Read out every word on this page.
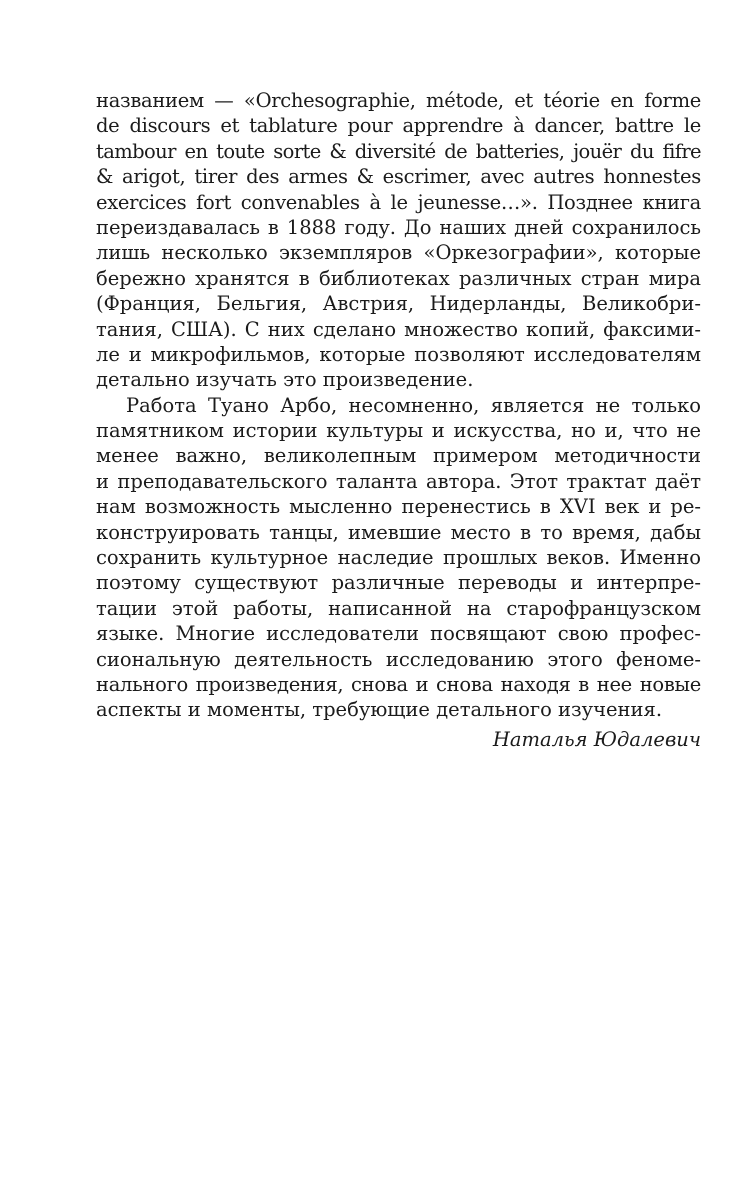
названием — «Orchesographie, métode, et téorie en forme
de discours et tablature pour apprendre à dancer, battre le
tambour en toute sorte & diversité de batteries, jouër du fifre
& arigot, tirer des armes & escrimer, avec autres honnestes
exercices fort convenables à le jeunesse…». Позднее книга
переиздавалась в 1888 году. До наших дней сохранилось
лишь несколько экземпляров «Оркезографии», которые
бережно хранятся в библиотеках различных стран мира
(Франция, Бельгия, Австрия, Нидерланды, Великобри-
тания, США). С них сделано множество копий, факсими-
ле и микрофильмов, которые позволяют исследователям
детально изучать это произведение.
Работа Туано Арбо, несомненно, является не только
памятником истории культуры и искусства, но и, что не
менее важно, великолепным примером методичности
и преподавательского таланта автора. Этот трактат даёт
нам возможность мысленно перенестись в XVI век и ре-
конструировать танцы, имевшие место в то время, дабы
сохранить культурное наследие прошлых веков. Именно
поэтому существуют различные переводы и интерпре-
тации этой работы, написанной на старофранцузском
языке. Многие исследователи посвящают свою профес-
сиональную деятельность исследованию этого феноме-
нального произведения, снова и снова находя в нее новые
аспекты и моменты, требующие детального изучения.
Наталья Юдалевич
